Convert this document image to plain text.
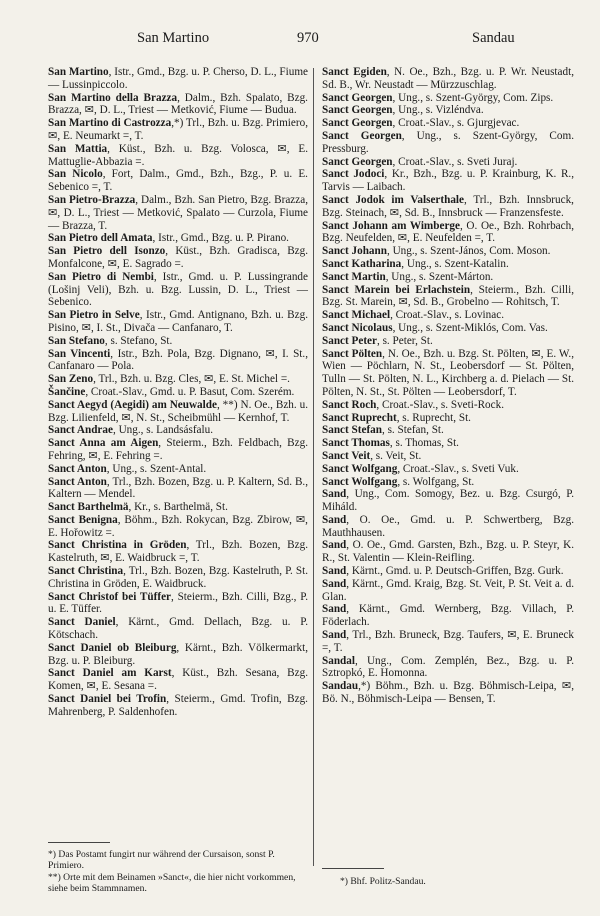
San Martino	970	Sandau
San Martino, Istr., Gmd., Bzg. u. P. Cherso, D. L., Fiume — Lussinpiccolo.
San Martino della Brazza, Dalm., Bzh. Spalato, Bzg. Brazza, ✉, D. L., Triest — Metković, Fiume — Budua.
San Martino di Castrozza,*) Trl., Bzh. u. Bzg. Primiero, ✉, E. Neumarkt =, T.
San Mattia, Küst., Bzh. u. Bzg. Volosca, ✉, E. Mattuglie-Abbazia =.
San Nicolo, Fort, Dalm., Gmd., Bzh., Bzg., P. u. E. Sebenico =, T.
San Pietro-Brazza, Dalm., Bzh. San Pietro, Bzg. Brazza, ✉, D. L., Triest — Metković, Spalato — Curzola, Fiume — Brazza, T.
San Pietro dell Amata, Istr., Gmd., Bzg. u. P. Pirano.
San Pietro dell Isonzo, Küst., Bzh. Gradisca, Bzg. Monfalcone, ✉, E. Sagrado =.
San Pietro di Nembi, Istr., Gmd. u. P. Lussingrande (Lošinj Veli), Bzh. u. Bzg. Lussin, D. L., Triest — Sebenico.
San Pietro in Selve, Istr., Gmd. Antignano, Bzh. u. Bzg. Pisino, ✉, I. St., Divača — Canfanaro, T.
San Stefano, s. Stefano, St.
San Vincenti, Istr., Bzh. Pola, Bzg. Dignano, ✉, I. St., Canfanaro — Pola.
San Zeno, Trl., Bzh. u. Bzg. Cles, ✉, E. St. Michel =.
Šančine, Croat.-Slav., Gmd. u. P. Basut, Com. Szerém.
Sanct Aegyd (Aegidi) am Neuwalde, **) N. Oe., Bzh. u. Bzg. Lilienfeld, ✉, N. St., Scheibmühl — Kernhof, T.
Sanct Andrae, Ung., s. Landsásfalu.
Sanct Anna am Aigen, Steierm., Bzh. Feldbach, Bzg. Fehring, ✉, E. Fehring =.
Sanct Anton, Ung., s. Szent-Antal.
Sanct Anton, Trl., Bzh. Bozen, Bzg. u. P. Kaltern, Sd. B., Kaltern — Mendel.
Sanct Barthelmä, Kr., s. Barthelmä, St.
Sanct Benigna, Böhm., Bzh. Rokycan, Bzg. Zbirow, ✉, E. Hořowitz =.
Sanct Christina in Gröden, Trl., Bzh. Bozen, Bzg. Kastelruth, ✉, E. Waidbruck =, T.
Sanct Christina, Trl., Bzh. Bozen, Bzg. Kastelruth, P. St. Christina in Gröden, E. Waidbruck.
Sanct Christof bei Tüffer, Steierm., Bzh. Cilli, Bzg., P. u. E. Tüffer.
Sanct Daniel, Kärnt., Gmd. Dellach, Bzg. u. P. Kötschach.
Sanct Daniel ob Bleiburg, Kärnt., Bzh. Völkermarkt, Bzg. u. P. Bleiburg.
Sanct Daniel am Karst, Küst., Bzh. Sesana, Bzg. Komen, ✉, E. Sesana =.
Sanct Daniel bei Trofin, Steierm., Gmd. Trofin, Bzg. Mahrenberg, P. Saldenhofen.
Sanct Egiden, N. Oe., Bzh., Bzg. u. P. Wr. Neustadt, Sd. B., Wr. Neustadt — Mürzzuschlag.
Sanct Georgen, Ung., s. Szent-György, Com. Zips.
Sanct Georgen, Ung., s. Vizléndva.
Sanct Georgen, Croat.-Slav., s. Gjurgjevac.
Sanct Georgen, Ung., s. Szent-György, Com. Pressburg.
Sanct Georgen, Croat.-Slav., s. Sveti Juraj.
Sanct Jodoci, Kr., Bzh., Bzg. u. P. Krainburg, K. R., Tarvis — Laibach.
Sanct Jodok im Valserthale, Trl., Bzh. Innsbruck, Bzg. Steinach, ✉, Sd. B., Innsbruck — Franzensfeste.
Sanct Johann am Wimberge, O. Oe., Bzh. Rohrbach, Bzg. Neufelden, ✉, E. Neufelden =, T.
Sanct Johann, Ung., s. Szent-János, Com. Moson.
Sanct Katharina, Ung., s. Szent-Katalin.
Sanct Martin, Ung., s. Szent-Márton.
Sanct Marein bei Erlachstein, Steierm., Bzh. Cilli, Bzg. St. Marein, ✉, Sd. B., Grobelno — Rohitsch, T.
Sanct Michael, Croat.-Slav., s. Lovinac.
Sanct Nicolaus, Ung., s. Szent-Miklós, Com. Vas.
Sanct Peter, s. Peter, St.
Sanct Pölten, N. Oe., Bzh. u. Bzg. St. Pölten, ✉, E. W., Wien — Pöchlarn, N. St., Leobersdorf — St. Pölten, Tulln — St. Pölten, N. L., Kirchberg a. d. Pielach — St. Pölten, N. St., St. Pölten — Leobersdorf, T.
Sanct Roch, Croat.-Slav., s. Sveti-Rock.
Sanct Ruprecht, s. Ruprecht, St.
Sanct Stefan, s. Stefan, St.
Sanct Thomas, s. Thomas, St.
Sanct Veit, s. Veit, St.
Sanct Wolfgang, Croat.-Slav., s. Sveti Vuk.
Sanct Wolfgang, s. Wolfgang, St.
Sand, Ung., Com. Somogy, Bez. u. Bzg. Csurgó, P. Miháld.
Sand, O. Oe., Gmd. u. P. Schwertberg, Bzg. Mauthhausen.
Sand, O. Oe., Gmd. Garsten, Bzh., Bzg. u. P. Steyr, K. R., St. Valentin — Klein-Reifling.
Sand, Kärnt., Gmd. u. P. Deutsch-Griffen, Bzg. Gurk.
Sand, Kärnt., Gmd. Kraig, Bzg. St. Veit, P. St. Veit a. d. Glan.
Sand, Kärnt., Gmd. Wernberg, Bzg. Villach, P. Föderlach.
Sand, Trl., Bzh. Bruneck, Bzg. Taufers, ✉, E. Bruneck =, T.
Sandal, Ung., Com. Zemplén, Bez., Bzg. u. P. Sztropkó, E. Homonna.
Sandau,*) Böhm., Bzh. u. Bzg. Böhmisch-Leipa, ✉, Bö. N., Böhmisch-Leipa — Bensen, T.
*) Das Postamt fungirt nur während der Cursaison, sonst P. Primiero.
**) Orte mit dem Beinamen »Sanct«, die hier nicht vorkommen, siehe beim Stammnamen.
*) Bhf. Politz-Sandau.
